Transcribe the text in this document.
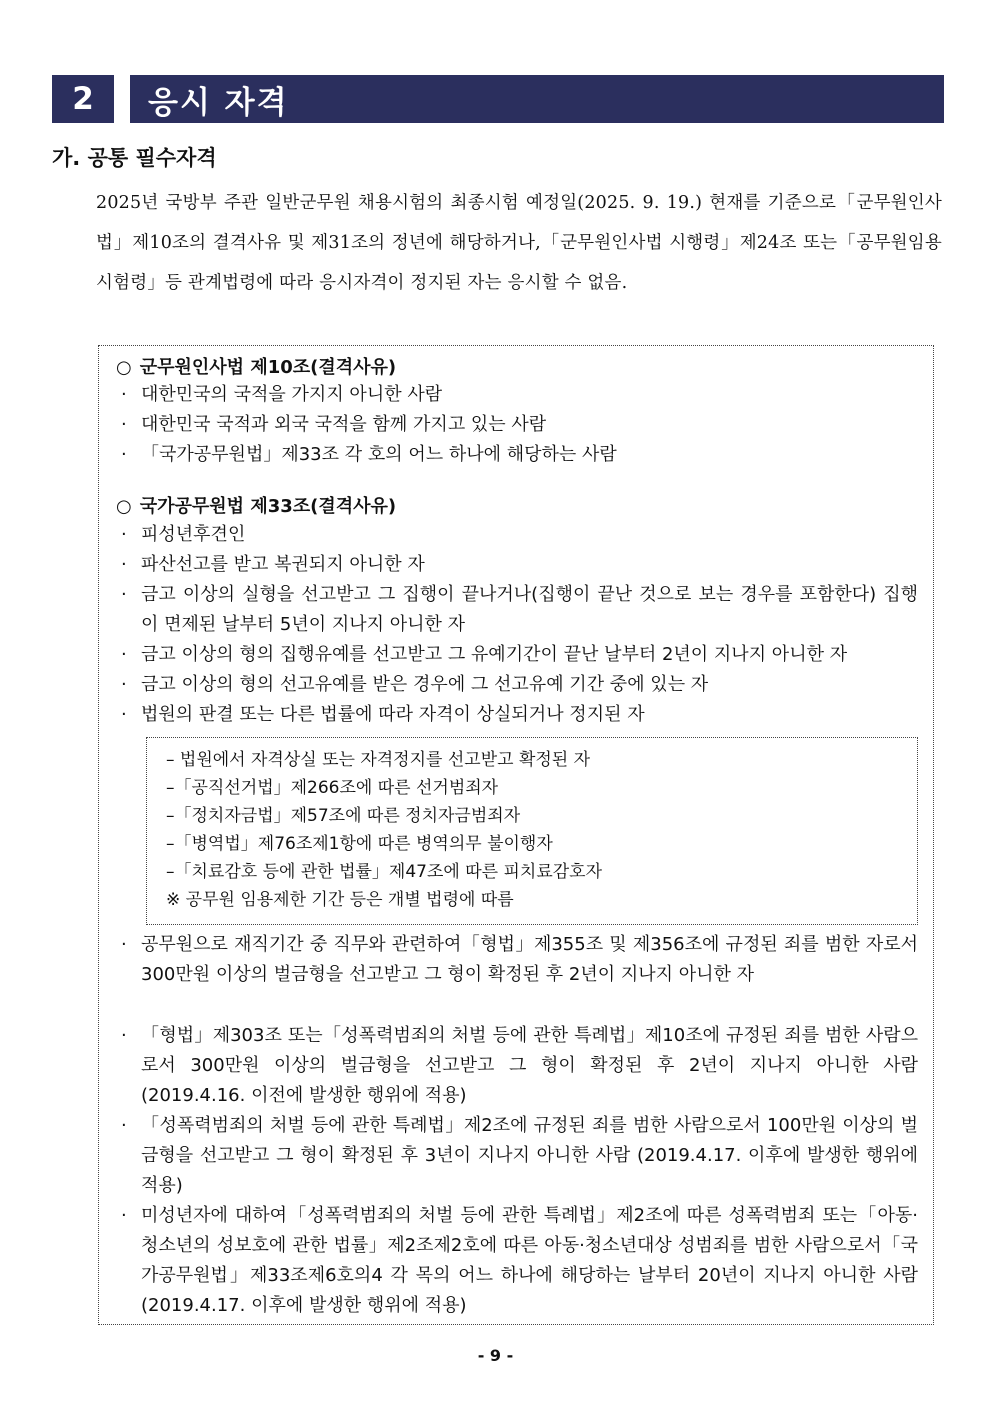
2 응시 자격
가. 공통 필수자격

2025년 국방부 주관 일반군무원 채용시험의 최종시험 예정일(2025. 9. 19.) 현재를 기준으로「군무원인사법」제10조의 결격사유 및 제31조의 정년에 해당하거나,「군무원인사법 시행령」제24조 또는「공무원임용시험령」등 관계법령에 따라 응시자격이 정지된 자는 응시할 수 없음.

○ 군무원인사법 제10조(결격사유)
· 대한민국의 국적을 가지지 아니한 사람
· 대한민국 국적과 외국 국적을 함께 가지고 있는 사람
· 「국가공무원법」제33조 각 호의 어느 하나에 해당하는 사람
○ 국가공무원법 제33조(결격사유)
· 피성년후견인
· 파산선고를 받고 복권되지 아니한 자
· 금고 이상의 실형을 선고받고 그 집행이 끝나거나(집행이 끝난 것으로 보는 경우를 포함한다) 집행이 면제된 날부터 5년이 지나지 아니한 자
· 금고 이상의 형의 집행유예를 선고받고 그 유예기간이 끝난 날부터 2년이 지나지 아니한 자
· 금고 이상의 형의 선고유예를 받은 경우에 그 선고유예 기간 중에 있는 자
· 법원의 판결 또는 다른 법률에 따라 자격이 상실되거나 정지된 자
– 법원에서 자격상실 또는 자격정지를 선고받고 확정된 자
–「공직선거법」제266조에 따른 선거범죄자
–「정치자금법」제57조에 따른 정치자금범죄자
–「병역법」제76조제1항에 따른 병역의무 불이행자
–「치료감호 등에 관한 법률」제47조에 따른 피치료감호자
※ 공무원 임용제한 기간 등은 개별 법령에 따름
· 공무원으로 재직기간 중 직무와 관련하여「형법」제355조 및 제356조에 규정된 죄를 범한 자로서 300만원 이상의 벌금형을 선고받고 그 형이 확정된 후 2년이 지나지 아니한 자
· 「형법」제303조 또는「성폭력범죄의 처벌 등에 관한 특례법」제10조에 규정된 죄를 범한 사람으로서 300만원 이상의 벌금형을 선고받고 그 형이 확정된 후 2년이 지나지 아니한 사람 (2019.4.16. 이전에 발생한 행위에 적용)
· 「성폭력범죄의 처벌 등에 관한 특례법」제2조에 규정된 죄를 범한 사람으로서 100만원 이상의 벌금형을 선고받고 그 형이 확정된 후 3년이 지나지 아니한 사람 (2019.4.17. 이후에 발생한 행위에 적용)
· 미성년자에 대하여「성폭력범죄의 처벌 등에 관한 특례법」제2조에 따른 성폭력범죄 또는「아동·청소년의 성보호에 관한 법률」제2조제2호에 따른 아동·청소년대상 성범죄를 범한 사람으로서「국가공무원법」제33조제6호의4 각 목의 어느 하나에 해당하는 날부터 20년이 지나지 아니한 사람(2019.4.17. 이후에 발생한 행위에 적용)
- 9 -
